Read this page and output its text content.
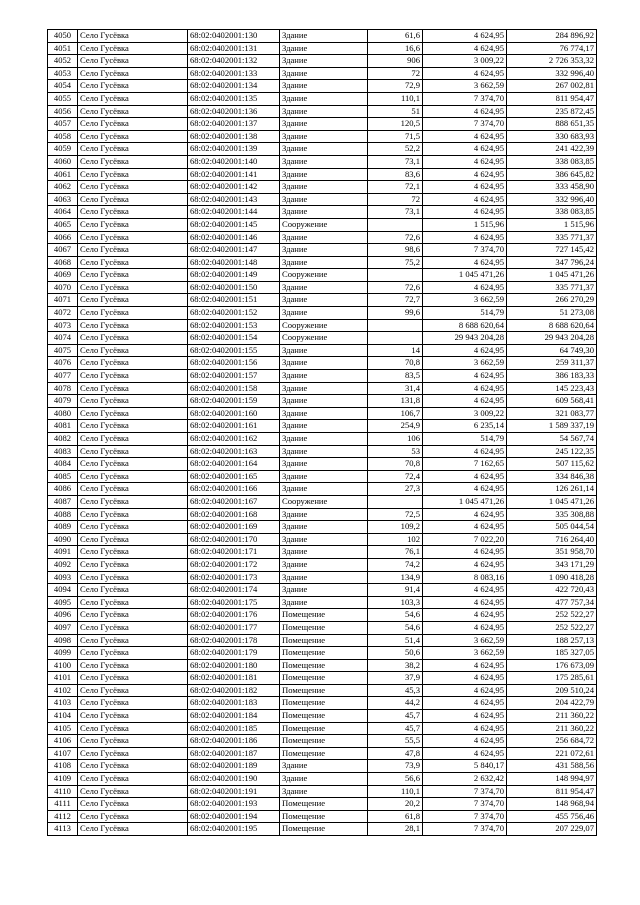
4050	Село Гусёвка	68:02:0402001:130	Здание	61,6	4 624,95	284 896,92
4051	Село Гусёвка	68:02:0402001:131	Здание	16,6	4 624,95	76 774,17
4052	Село Гусёвка	68:02:0402001:132	Здание	906	3 009,22	2 726 353,32
4053	Село Гусёвка	68:02:0402001:133	Здание	72	4 624,95	332 996,40
4054	Село Гусёвка	68:02:0402001:134	Здание	72,9	3 662,59	267 002,81
4055	Село Гусёвка	68:02:0402001:135	Здание	110,1	7 374,70	811 954,47
4056	Село Гусёвка	68:02:0402001:136	Здание	51	4 624,95	235 872,45
4057	Село Гусёвка	68:02:0402001:137	Здание	120,5	7 374,70	888 651,35
4058	Село Гусёвка	68:02:0402001:138	Здание	71,5	4 624,95	330 683,93
4059	Село Гусёвка	68:02:0402001:139	Здание	52,2	4 624,95	241 422,39
4060	Село Гусёвка	68:02:0402001:140	Здание	73,1	4 624,95	338 083,85
4061	Село Гусёвка	68:02:0402001:141	Здание	83,6	4 624,95	386 645,82
4062	Село Гусёвка	68:02:0402001:142	Здание	72,1	4 624,95	333 458,90
4063	Село Гусёвка	68:02:0402001:143	Здание	72	4 624,95	332 996,40
4064	Село Гусёвка	68:02:0402001:144	Здание	73,1	4 624,95	338 083,85
4065	Село Гусёвка	68:02:0402001:145	Сооружение		1 515,96	1 515,96
4066	Село Гусёвка	68:02:0402001:146	Здание	72,6	4 624,95	335 771,37
4067	Село Гусёвка	68:02:0402001:147	Здание	98,6	7 374,70	727 145,42
4068	Село Гусёвка	68:02:0402001:148	Здание	75,2	4 624,95	347 796,24
4069	Село Гусёвка	68:02:0402001:149	Сооружение		1 045 471,26	1 045 471,26
4070	Село Гусёвка	68:02:0402001:150	Здание	72,6	4 624,95	335 771,37
4071	Село Гусёвка	68:02:0402001:151	Здание	72,7	3 662,59	266 270,29
4072	Село Гусёвка	68:02:0402001:152	Здание	99,6	514,79	51 273,08
4073	Село Гусёвка	68:02:0402001:153	Сооружение		8 688 620,64	8 688 620,64
4074	Село Гусёвка	68:02:0402001:154	Сооружение		29 943 204,28	29 943 204,28
4075	Село Гусёвка	68:02:0402001:155	Здание	14	4 624,95	64 749,30
4076	Село Гусёвка	68:02:0402001:156	Здание	70,8	3 662,59	259 311,37
4077	Село Гусёвка	68:02:0402001:157	Здание	83,5	4 624,95	386 183,33
4078	Село Гусёвка	68:02:0402001:158	Здание	31,4	4 624,95	145 223,43
4079	Село Гусёвка	68:02:0402001:159	Здание	131,8	4 624,95	609 568,41
4080	Село Гусёвка	68:02:0402001:160	Здание	106,7	3 009,22	321 083,77
4081	Село Гусёвка	68:02:0402001:161	Здание	254,9	6 235,14	1 589 337,19
4082	Село Гусёвка	68:02:0402001:162	Здание	106	514,79	54 567,74
4083	Село Гусёвка	68:02:0402001:163	Здание	53	4 624,95	245 122,35
4084	Село Гусёвка	68:02:0402001:164	Здание	70,8	7 162,65	507 115,62
4085	Село Гусёвка	68:02:0402001:165	Здание	72,4	4 624,95	334 846,38
4086	Село Гусёвка	68:02:0402001:166	Здание	27,3	4 624,95	126 261,14
4087	Село Гусёвка	68:02:0402001:167	Сооружение		1 045 471,26	1 045 471,26
4088	Село Гусёвка	68:02:0402001:168	Здание	72,5	4 624,95	335 308,88
4089	Село Гусёвка	68:02:0402001:169	Здание	109,2	4 624,95	505 044,54
4090	Село Гусёвка	68:02:0402001:170	Здание	102	7 022,20	716 264,40
4091	Село Гусёвка	68:02:0402001:171	Здание	76,1	4 624,95	351 958,70
4092	Село Гусёвка	68:02:0402001:172	Здание	74,2	4 624,95	343 171,29
4093	Село Гусёвка	68:02:0402001:173	Здание	134,9	8 083,16	1 090 418,28
4094	Село Гусёвка	68:02:0402001:174	Здание	91,4	4 624,95	422 720,43
4095	Село Гусёвка	68:02:0402001:175	Здание	103,3	4 624,95	477 757,34
4096	Село Гусёвка	68:02:0402001:176	Помещение	54,6	4 624,95	252 522,27
4097	Село Гусёвка	68:02:0402001:177	Помещение	54,6	4 624,95	252 522,27
4098	Село Гусёвка	68:02:0402001:178	Помещение	51,4	3 662,59	188 257,13
4099	Село Гусёвка	68:02:0402001:179	Помещение	50,6	3 662,59	185 327,05
4100	Село Гусёвка	68:02:0402001:180	Помещение	38,2	4 624,95	176 673,09
4101	Село Гусёвка	68:02:0402001:181	Помещение	37,9	4 624,95	175 285,61
4102	Село Гусёвка	68:02:0402001:182	Помещение	45,3	4 624,95	209 510,24
4103	Село Гусёвка	68:02:0402001:183	Помещение	44,2	4 624,95	204 422,79
4104	Село Гусёвка	68:02:0402001:184	Помещение	45,7	4 624,95	211 360,22
4105	Село Гусёвка	68:02:0402001:185	Помещение	45,7	4 624,95	211 360,22
4106	Село Гусёвка	68:02:0402001:186	Помещение	55,5	4 624,95	256 684,72
4107	Село Гусёвка	68:02:0402001:187	Помещение	47,8	4 624,95	221 072,61
4108	Село Гусёвка	68:02:0402001:189	Здание	73,9	5 840,17	431 588,56
4109	Село Гусёвка	68:02:0402001:190	Здание	56,6	2 632,42	148 994,97
4110	Село Гусёвка	68:02:0402001:191	Здание	110,1	7 374,70	811 954,47
4111	Село Гусёвка	68:02:0402001:193	Помещение	20,2	7 374,70	148 968,94
4112	Село Гусёвка	68:02:0402001:194	Помещение	61,8	7 374,70	455 756,46
4113	Село Гусёвка	68:02:0402001:195	Помещение	28,1	7 374,70	207 229,07
